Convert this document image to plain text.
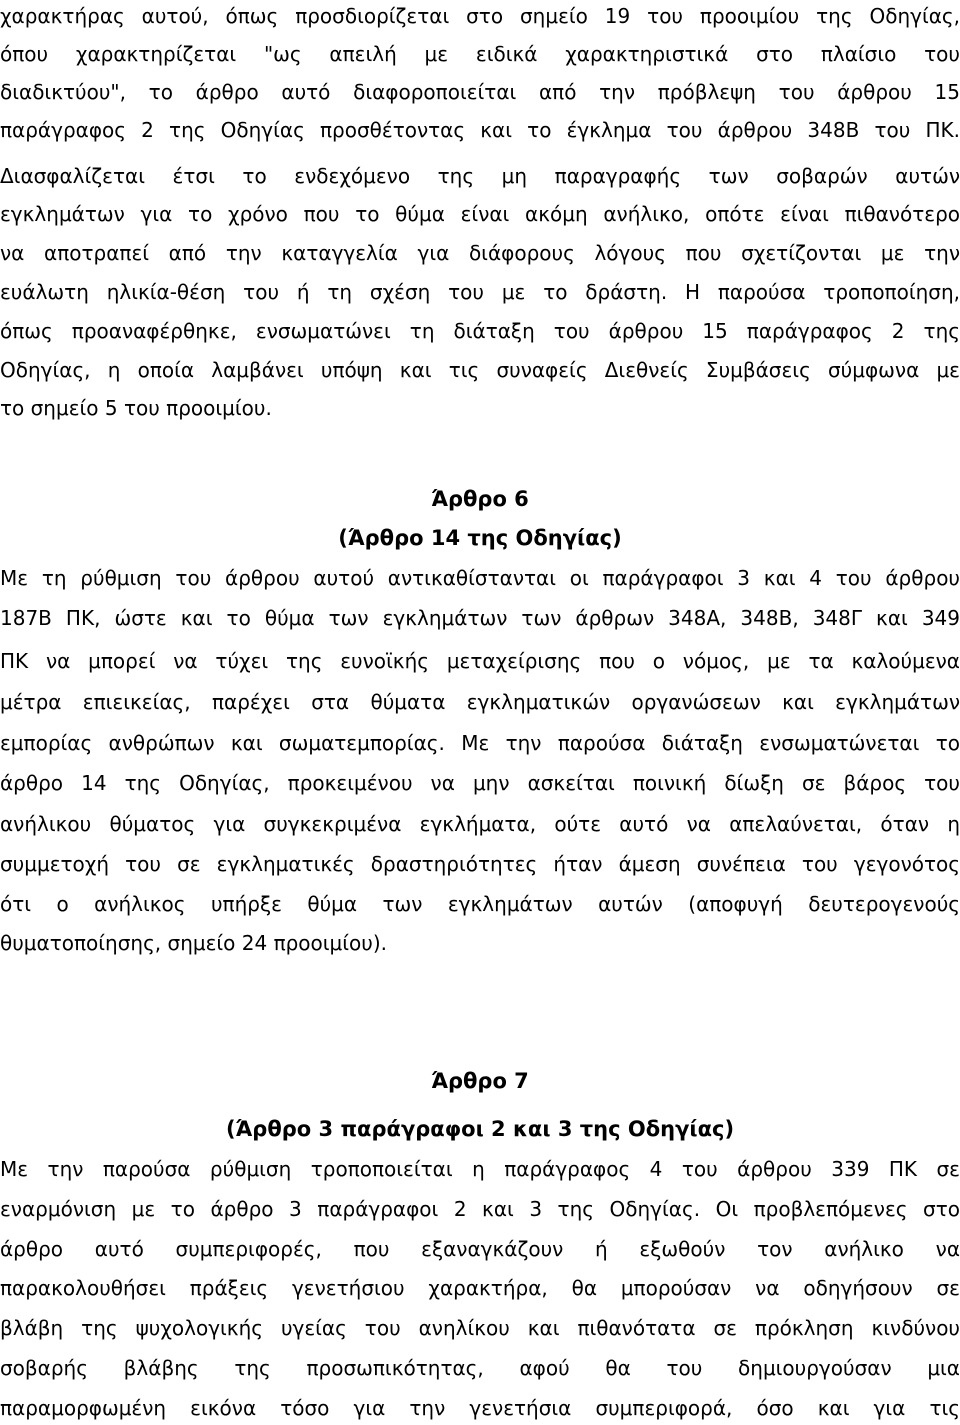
χαρακτήρας αυτού, όπως προσδιορίζεται στο σημείο 19 του προοιμίου της Οδηγίας,
όπου χαρακτηρίζεται "ως απειλή με ειδικά χαρακτηριστικά στο πλαίσιο του
διαδικτύου", το άρθρο αυτό διαφοροποιείται από την πρόβλεψη του άρθρου 15
παράγραφος 2 της Οδηγίας προσθέτοντας και το έγκλημα του άρθρου 348Β του ΠΚ.
Διασφαλίζεται έτσι το ενδεχόμενο της μη παραγραφής των σοβαρών αυτών
εγκλημάτων για το χρόνο που το θύμα είναι ακόμη ανήλικο, οπότε είναι πιθανότερο
να αποτραπεί από την καταγγελία για διάφορους λόγους που σχετίζονται με την
ευάλωτη ηλικία-θέση του ή τη σχέση του με το δράστη. Η παρούσα τροποποίηση,
όπως προαναφέρθηκε, ενσωματώνει τη διάταξη του άρθρου 15 παράγραφος 2 της
Οδηγίας, η οποία λαμβάνει υπόψη και τις συναφείς Διεθνείς Συμβάσεις σύμφωνα με
το σημείο 5 του προοιμίου.
Άρθρο 6
(Άρθρο 14 της Οδηγίας)
Με τη ρύθμιση του άρθρου αυτού αντικαθίστανται οι παράγραφοι 3 και 4 του άρθρου
187Β ΠΚ, ώστε και το θύμα των εγκλημάτων των άρθρων 348Α, 348Β, 348Γ και 349
ΠΚ να μπορεί να τύχει της ευνοϊκής μεταχείρισης που ο νόμος, με τα καλούμενα
μέτρα επιεικείας, παρέχει στα θύματα εγκληματικών οργανώσεων και εγκλημάτων
εμπορίας ανθρώπων και σωματεμπορίας. Με την παρούσα διάταξη ενσωματώνεται το
άρθρο 14 της Οδηγίας, προκειμένου να μην ασκείται ποινική δίωξη σε βάρος του
ανήλικου θύματος για συγκεκριμένα εγκλήματα, ούτε αυτό να απελαύνεται, όταν η
συμμετοχή του σε εγκληματικές δραστηριότητες ήταν άμεση συνέπεια του γεγονότος
ότι ο ανήλικος υπήρξε θύμα των εγκλημάτων αυτών (αποφυγή δευτερογενούς
θυματοποίησης, σημείο 24 προοιμίου).
Άρθρο 7
(Άρθρο 3 παράγραφοι 2 και 3 της Οδηγίας)
Με την παρούσα ρύθμιση τροποποιείται η παράγραφος 4 του άρθρου 339 ΠΚ σε
εναρμόνιση με το άρθρο 3 παράγραφοι 2 και 3 της Οδηγίας. Οι προβλεπόμενες στο
άρθρο αυτό συμπεριφορές, που εξαναγκάζουν ή εξωθούν τον ανήλικο να
παρακολουθήσει πράξεις γενετήσιου χαρακτήρα, θα μπορούσαν να οδηγήσουν σε
βλάβη της ψυχολογικής υγείας του ανηλίκου και πιθανότατα σε πρόκληση κινδύνου
σοβαρής βλάβης της προσωπικότητας, αφού θα του δημιουργούσαν μια
παραμορφωμένη εικόνα τόσο για την γενετήσια συμπεριφορά, όσο και για τις
